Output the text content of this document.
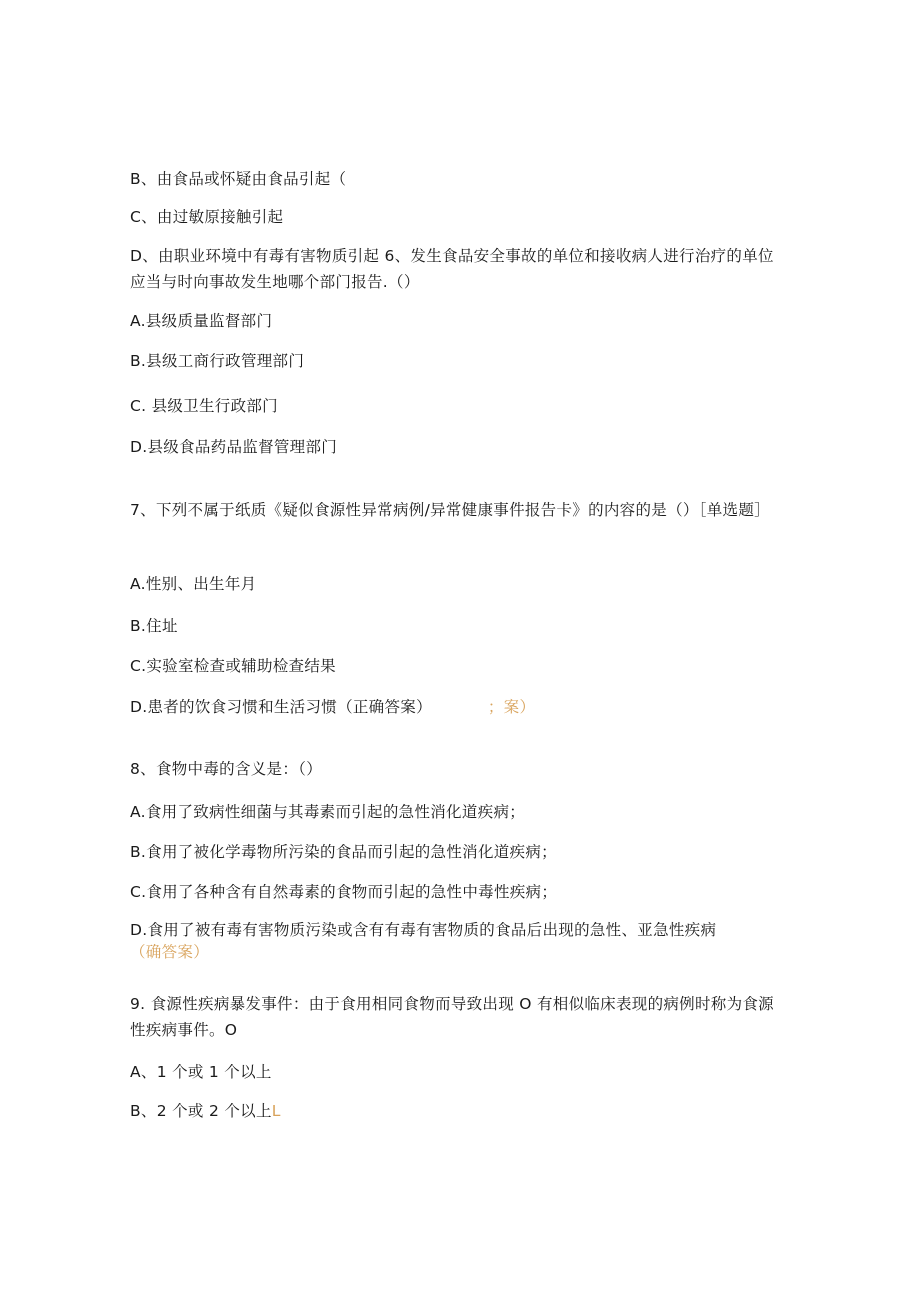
B、由食品或怀疑由食品引起（
C、由过敏原接触引起
D、由职业环境中有毒有害物质引起 6、发生食品安全事故的单位和接收病人进行治疗的单位应当与时向事故发生地哪个部门报告.（）
A.县级质量监督部门
B.县级工商行政管理部门
C. 县级卫生行政部门
D.县级食品药品监督管理部门
7、下列不属于纸质《疑似食源性异常病例/异常健康事件报告卡》的内容的是（）［单选题］
A.性别、出生年月
B.住址
C.实验室检查或辅助检查结果
D.患者的饮食习惯和生活习惯（正确答案）	；案）
8、食物中毒的含义是：（）
A.食用了致病性细菌与其毒素而引起的急性消化道疾病；
B.食用了被化学毒物所污染的食品而引起的急性消化道疾病；
C.食用了各种含有自然毒素的食物而引起的急性中毒性疾病；
D.食用了被有毒有害物质污染或含有有毒有害物质的食品后出现的急性、亚急性疾病
（确答案）
9. 食源性疾病暴发事件：由于食用相同食物而导致出现 O 有相似临床表现的病例时称为食源性疾病事件。O
A、1 个或 1 个以上
B、2 个或 2 个以上L
